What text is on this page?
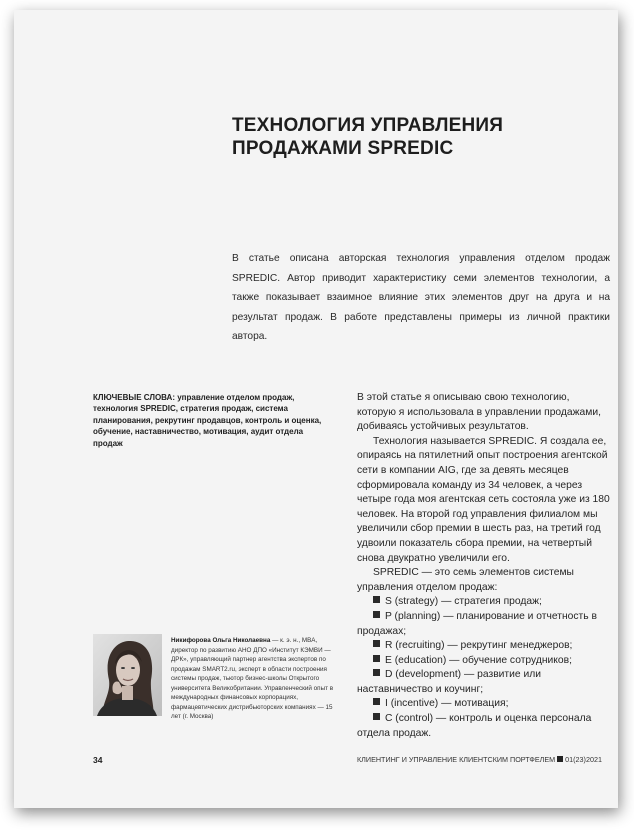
ТЕХНОЛОГИЯ УПРАВЛЕНИЯ ПРОДАЖАМИ SPREDIC

В статье описана авторская технология управления отделом продаж SPREDIC. Автор приводит характеристику семи элементов технологии, а также показывает взаимное влияние этих элементов друг на друга и на результат продаж. В работе представлены примеры из личной практики автора.

КЛЮЧЕВЫЕ СЛОВА: управление отделом продаж, технология SPREDIC, стратегия продаж, система планирования, рекрутинг продавцов, контроль и оценка, обучение, наставничество, мотивация, аудит отдела продаж

В этой статье я описываю свою технологию, которую я использовала в управлении продажами, добиваясь устойчивых результатов.

Технология называется SPREDIC. Я создала ее, опираясь на пятилетний опыт построения агентской сети в компании AIG, где за девять месяцев сформировала команду из 34 человек, а через четыре года моя агентская сеть состояла уже из 180 человек. На второй год управления филиалом мы увеличили сбор премии в шесть раз, на третий год удвоили показатель сбора премии, на четвертый снова двукратно увеличили его.

SPREDIC — это семь элементов системы управления отделом продаж:

S (strategy) — стратегия продаж;

P (planning) — планирование и отчетность в продажах;

R (recruiting) — рекрутинг менеджеров;

E (education) — обучение сотрудников;

D (development) — развитие или наставничество и коучинг;

I (incentive) — мотивация;

C (control) — контроль и оценка персонала отдела продаж.

Никифорова Ольга Николаевна — к. э. н., MBA, директор по развитию АНО ДПО «Институт КЭМВИ — ДРК», управляющий партнер агентства экспертов по продажам SMART2.ru, эксперт в области построения системы продаж, тьютор бизнес-школы Открытого университета Великобритании. Управленческий опыт в международных финансовых корпорациях, фармацевтических дистрибьюторских компаниях — 15 лет (г. Москва)

34	КЛИЕНТИНГ И УПРАВЛЕНИЕ КЛИЕНТСКИМ ПОРТФЕЛЕМ 01(23)2021
